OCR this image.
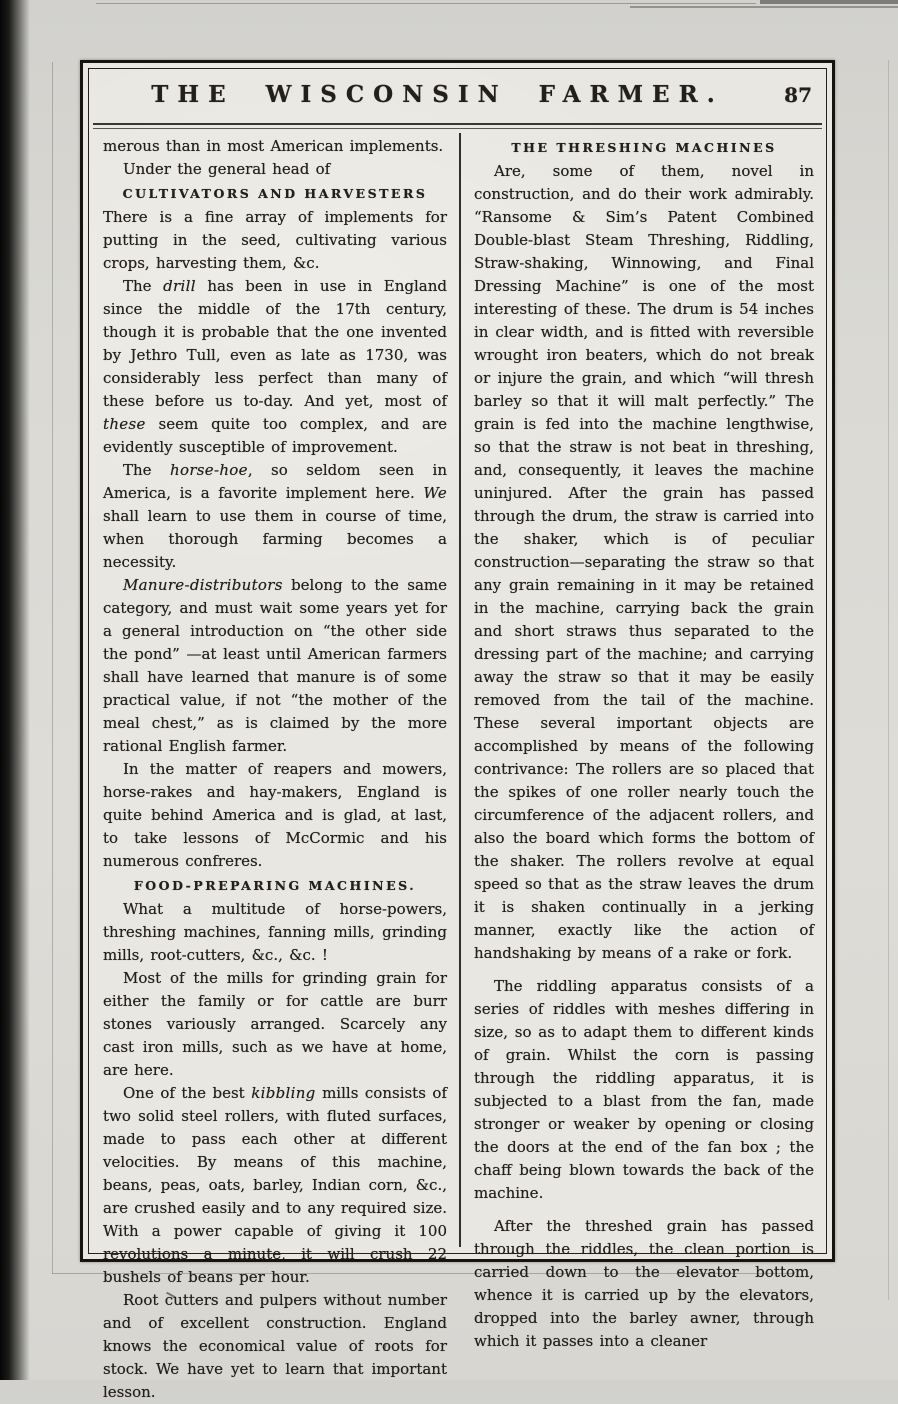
THE WISCONSIN FARMER.	87

merous than in most American implements.

Under the general head of

CULTIVATORS AND HARVESTERS

There is a fine array of implements for putting in the seed, cultivating various crops, harvesting them, &c.

The drill has been in use in England since the middle of the 17th century, though it is probable that the one invented by Jethro Tull, even as late as 1730, was considerably less perfect than many of these before us to-day. And yet, most of these seem quite too complex, and are evidently susceptible of improvement.

The horse-hoe, so seldom seen in America, is a favorite implement here. We shall learn to use them in course of time, when thorough farming becomes a necessity.

Manure-distributors belong to the same category, and must wait some years yet for a general introduction on “the other side the pond” —at least until American farmers shall have learned that manure is of some practical value, if not “the mother of the meal chest,” as is claimed by the more rational English farmer.

In the matter of reapers and mowers, horse-rakes and hay-makers, England is quite behind America and is glad, at last, to take lessons of McCormic and his numerous confreres.

FOOD-PREPARING MACHINES.

What a multitude of horse-powers, threshing machines, fanning mills, grinding mills, root-cutters, &c., &c. !

Most of the mills for grinding grain for either the family or for cattle are burr stones variously arranged. Scarcely any cast iron mills, such as we have at home, are here.

One of the best kibbling mills consists of two solid steel rollers, with fluted surfaces, made to pass each other at different velocities. By means of this machine, beans, peas, oats, barley, Indian corn, &c., are crushed easily and to any required size. With a power capable of giving it 100 revolutions a minute, it will crush 22 bushels of beans per hour.

Root cutters and pulpers without number and of excellent construction. England knows the economical value of roots for stock. We have yet to learn that important lesson.

THE THRESHING MACHINES

Are, some of them, novel in construction, and do their work admirably. “Ransome & Sim’s Patent Combined Double-blast Steam Threshing, Riddling, Straw-shaking, Winnowing, and Final Dressing Machine” is one of the most interesting of these. The drum is 54 inches in clear width, and is fitted with reversible wrought iron beaters, which do not break or injure the grain, and which “will thresh barley so that it will malt perfectly.” The grain is fed into the machine lengthwise, so that the straw is not beat in threshing, and, consequently, it leaves the machine uninjured. After the grain has passed through the drum, the straw is carried into the shaker, which is of peculiar construction—separating the straw so that any grain remaining in it may be retained in the machine, carrying back the grain and short straws thus separated to the dressing part of the machine; and carrying away the straw so that it may be easily removed from the tail of the machine. These several important objects are accomplished by means of the following contrivance: The rollers are so placed that the spikes of one roller nearly touch the circumference of the adjacent rollers, and also the board which forms the bottom of the shaker. The rollers revolve at equal speed so that as the straw leaves the drum it is shaken continually in a jerking manner, exactly like the action of handshaking by means of a rake or fork.

The riddling apparatus consists of a series of riddles with meshes differing in size, so as to adapt them to different kinds of grain. Whilst the corn is passing through the riddling apparatus, it is subjected to a blast from the fan, made stronger or weaker by opening or closing the doors at the end of the fan box ; the chaff being blown towards the back of the machine.

After the threshed grain has passed through the riddles, the clean portion is carried down to the elevator bottom, whence it is carried up by the elevators, dropped into the barley awner, through which it passes into a cleaner
